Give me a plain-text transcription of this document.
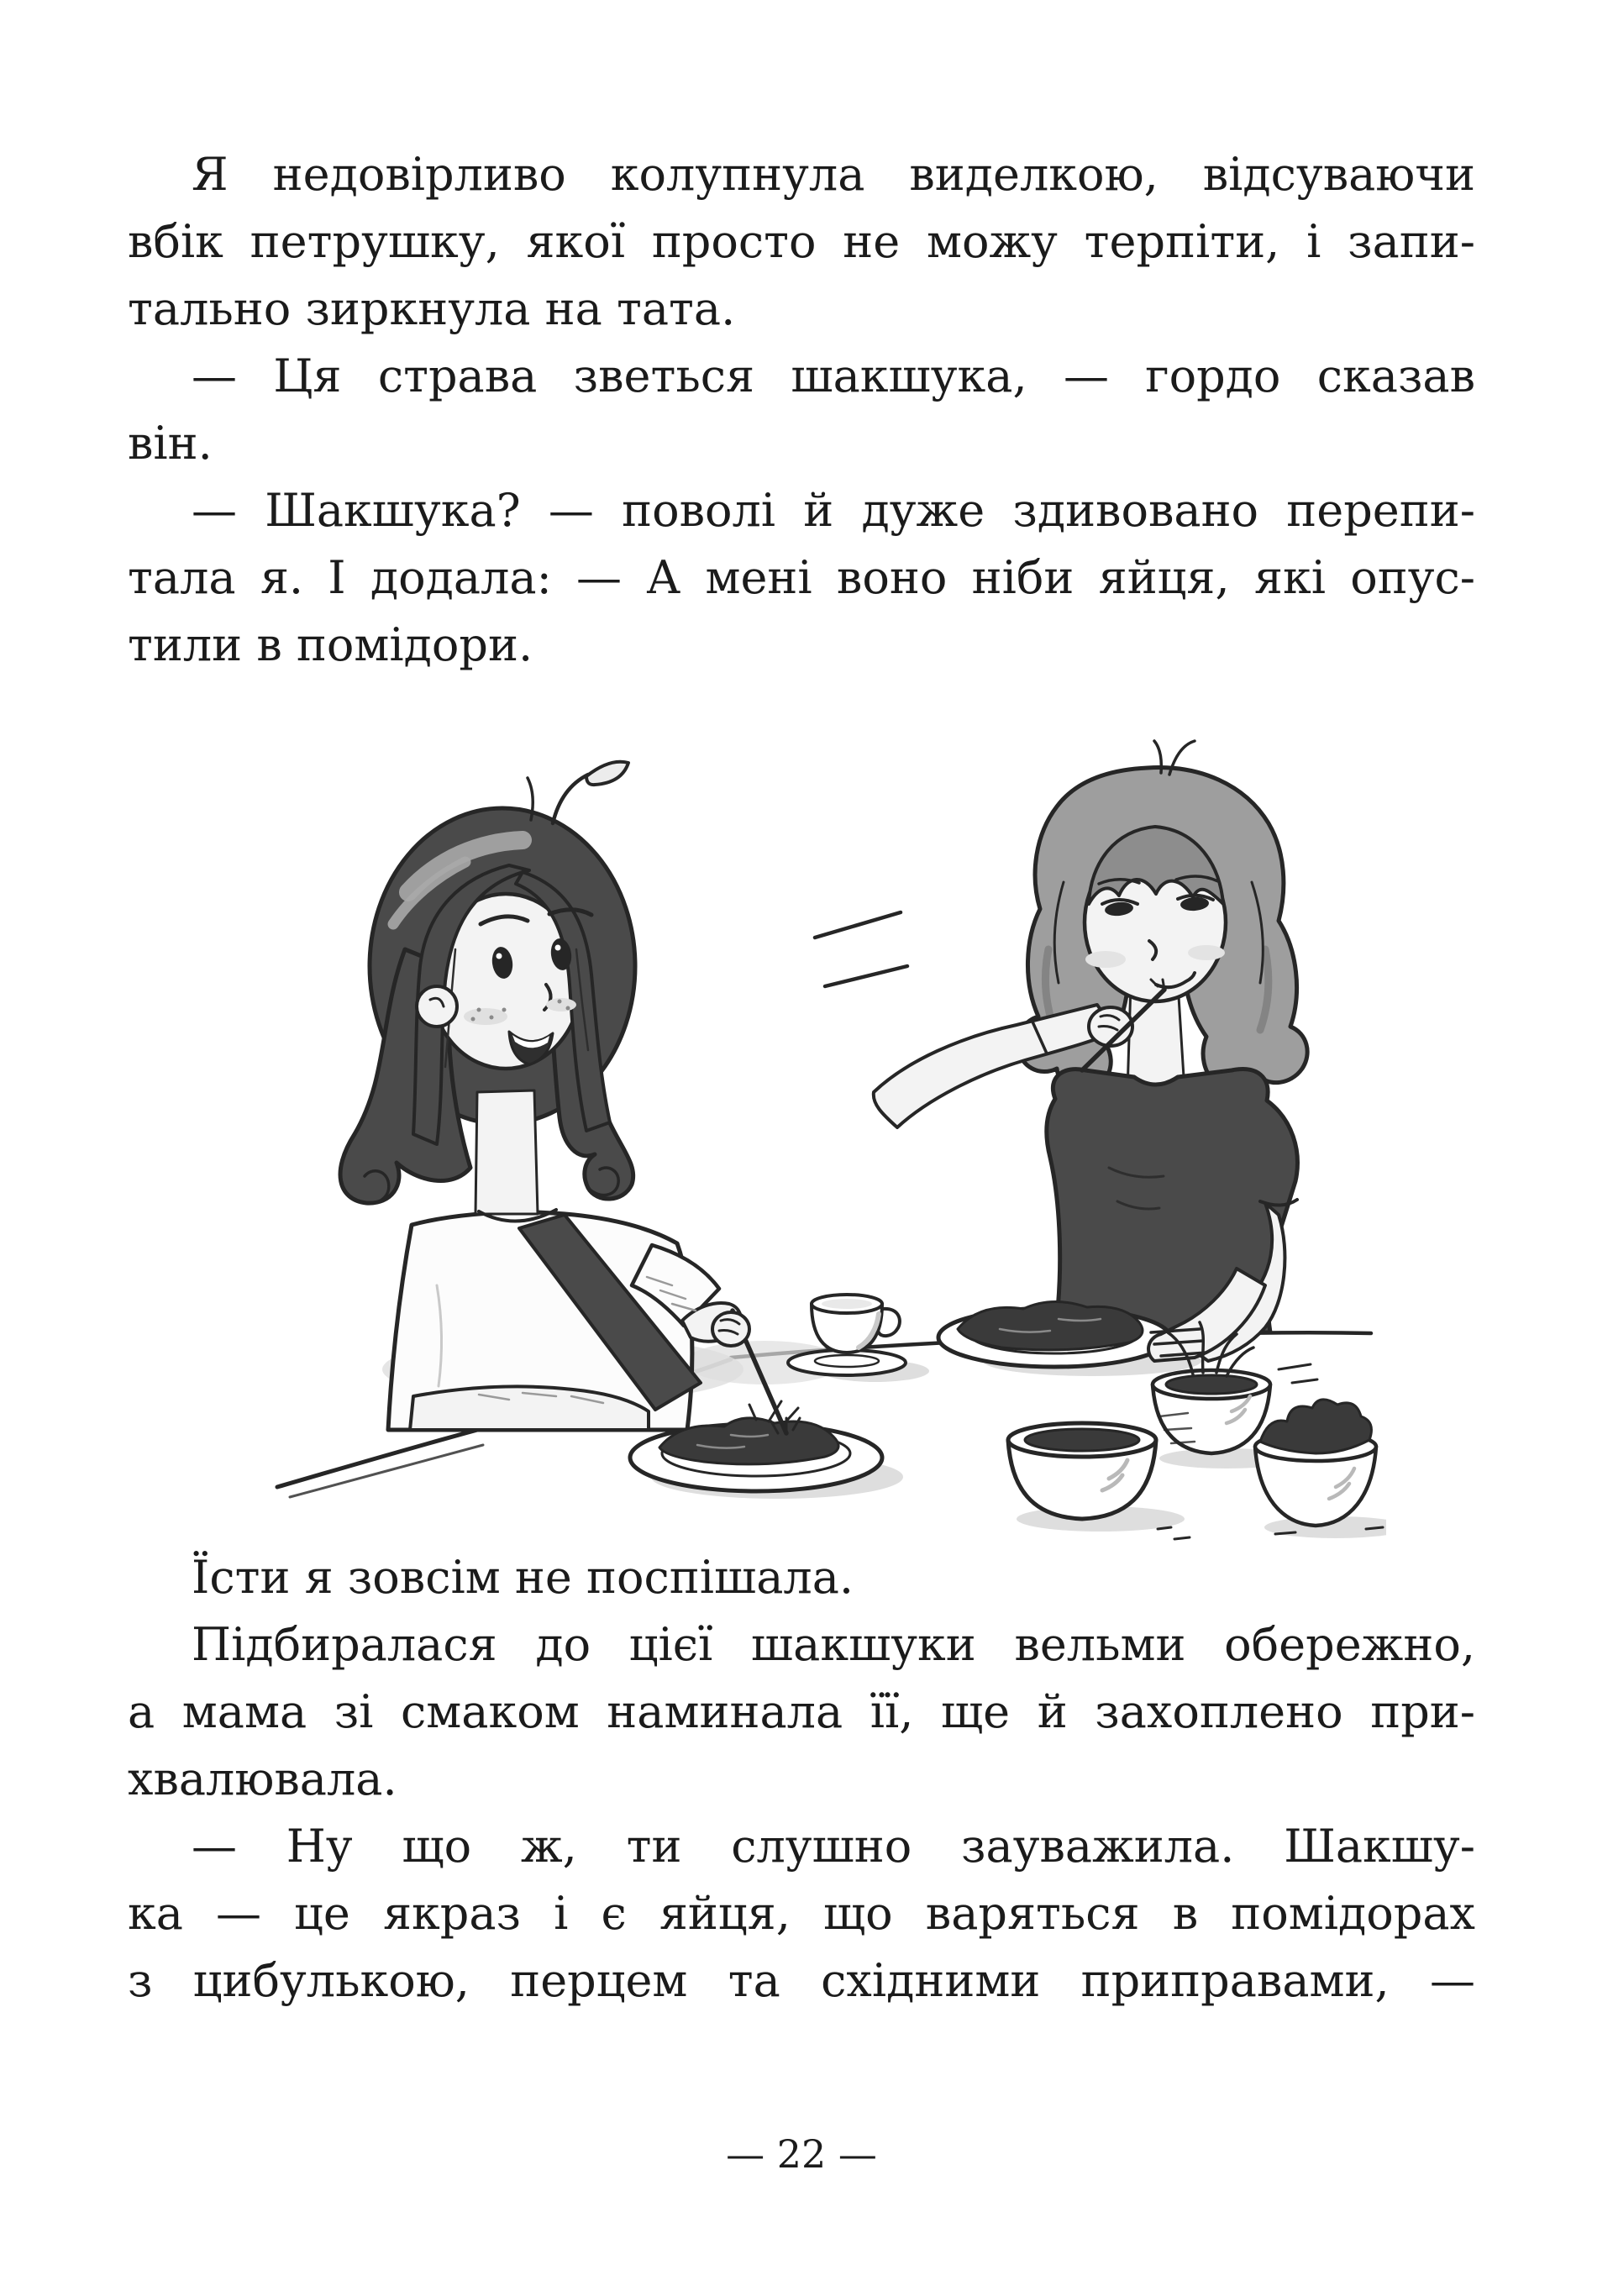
Я недовірливо колупнула виделкою, відсуваючи
вбік петрушку, якої просто не можу терпіти, і запи-
тально зиркнула на тата.
— Ця страва зветься шакшука, — гордо сказав
він.
— Шакшука? — поволі й дуже здивовано перепи-
тала я. І додала: — А мені воно ніби яйця, які опус-
тили в помідори.
Їсти я зовсім не поспішала.
Підбиралася до цієї шакшуки вельми обережно,
а мама зі смаком наминала її, ще й захоплено при-
хвалювала.
— Ну що ж, ти слушно зауважила. Шакшу-
ка — це якраз і є яйця, що варяться в помідорах
з цибулькою, перцем та східними приправами, —
— 22 —
